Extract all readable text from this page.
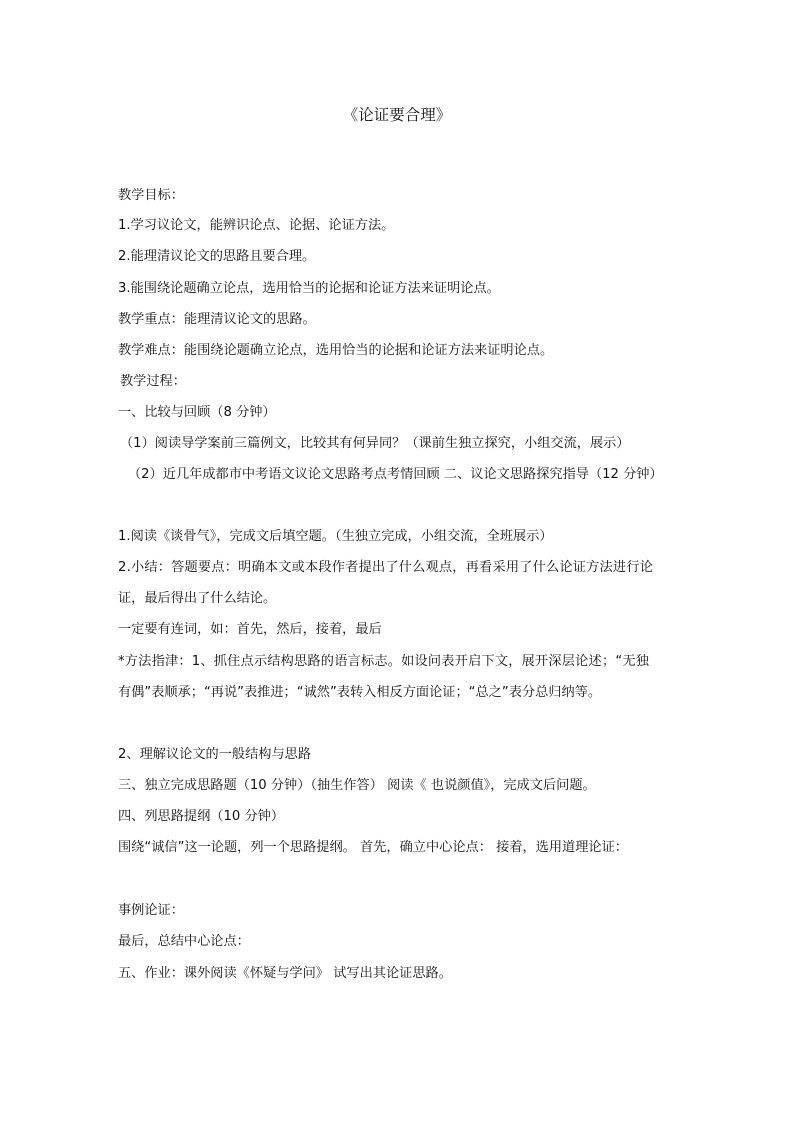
《论证要合理》
教学目标：
1.学习议论文，能辨识论点、论据、论证方法。
2.能理清议论文的思路且要合理。
3.能围绕论题确立论点，选用恰当的论据和论证方法来证明论点。
教学重点：能理清议论文的思路。
教学难点：能围绕论题确立论点，选用恰当的论据和论证方法来证明论点。
教学过程：
一、比较与回顾（8 分钟）
（1）阅读导学案前三篇例文，比较其有何异同？（课前生独立探究，小组交流，展示）
（2）近几年成都市中考语文议论文思路考点考情回顾 二、议论文思路探究指导（12 分钟）
1.阅读《谈骨气》，完成文后填空题。（生独立完成，小组交流，全班展示）
2.小结：答题要点：明确本文或本段作者提出了什么观点，再看采用了什么论证方法进行论
证，最后得出了什么结论。
一定要有连词，如：首先，然后，接着，最后
*方法指津：1、抓住点示结构思路的语言标志。如设问表开启下文，展开深层论述；“无独
有偶”表顺承；“再说”表推进；“诚然”表转入相反方面论证；“总之”表分总归纳等。
2、理解议论文的一般结构与思路
三、独立完成思路题（10 分钟）（抽生作答） 阅读《 也说颜值》，完成文后问题。
四、列思路提纲（10 分钟）
围绕“诚信”这一论题，列一个思路提纲。 首先，确立中心论点： 接着，选用道理论证：
事例论证：
最后，总结中心论点：
五、作业：课外阅读《怀疑与学问》 试写出其论证思路。
